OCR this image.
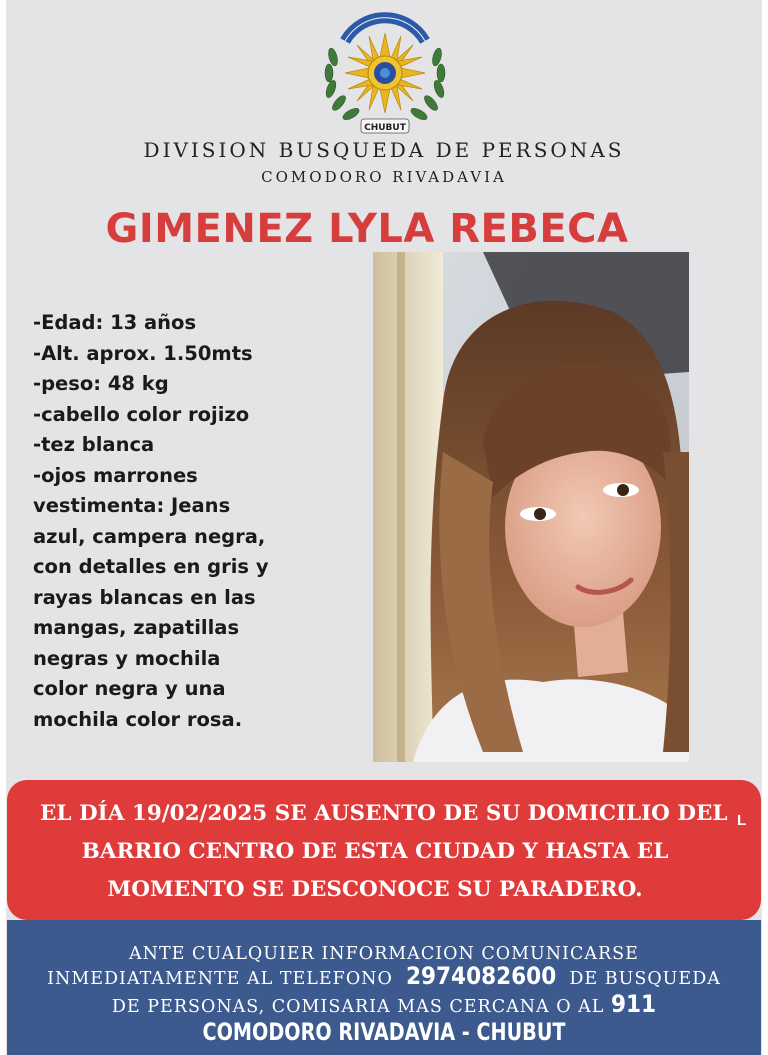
CHUBUT
DIVISION BUSQUEDA DE PERSONAS
COMODORO RIVADAVIA
GIMENEZ LYLA REBECA
-Edad: 13 años
-Alt. aprox. 1.50mts
-peso: 48 kg
-cabello color rojizo
-tez blanca
-ojos marrones
vestimenta: Jeans
azul, campera negra,
con detalles en gris y
rayas blancas en las
mangas, zapatillas
negras y mochila
color negra y una
mochila color rosa.
EL DÍA 19/02/2025 SE AUSENTO DE SU DOMICILIO DEL
BARRIO CENTRO DE ESTA CIUDAD Y HASTA EL
MOMENTO SE DESCONOCE SU PARADERO.
L
ANTE CUALQUIER INFORMACION COMUNICARSE
INMEDIATAMENTE AL TELEFONO 2974082600 DE BUSQUEDA
DE PERSONAS, COMISARIA MAS CERCANA O AL 911
COMODORO RIVADAVIA - CHUBUT
